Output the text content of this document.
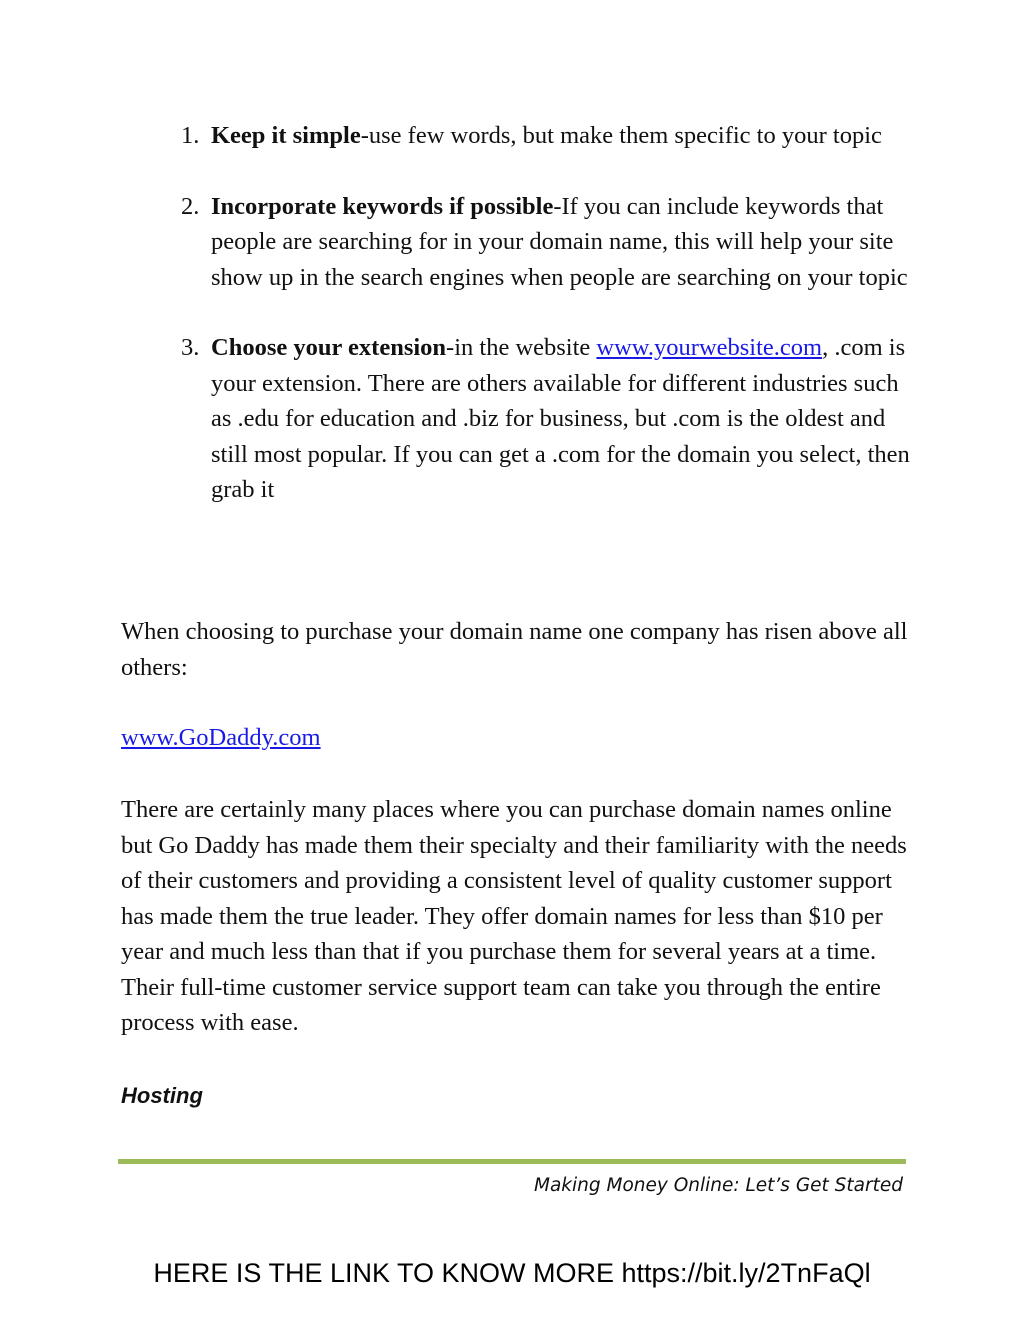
1. Keep it simple-use few words, but make them specific to your topic
2. Incorporate keywords if possible-If you can include keywords that people are searching for in your domain name, this will help your site show up in the search engines when people are searching on your topic
3. Choose your extension-in the website www.yourwebsite.com, .com is your extension. There are others available for different industries such as .edu for education and .biz for business, but .com is the oldest and still most popular. If you can get a .com for the domain you select, then grab it

When choosing to purchase your domain name one company has risen above all others:

www.GoDaddy.com

There are certainly many places where you can purchase domain names online but Go Daddy has made them their specialty and their familiarity with the needs of their customers and providing a consistent level of quality customer support has made them the true leader. They offer domain names for less than $10 per year and much less than that if you purchase them for several years at a time. Their full-time customer service support team can take you through the entire process with ease.

Hosting
Making Money Online: Let’s Get Started
HERE IS THE LINK TO KNOW MORE https://bit.ly/2TnFaQl
